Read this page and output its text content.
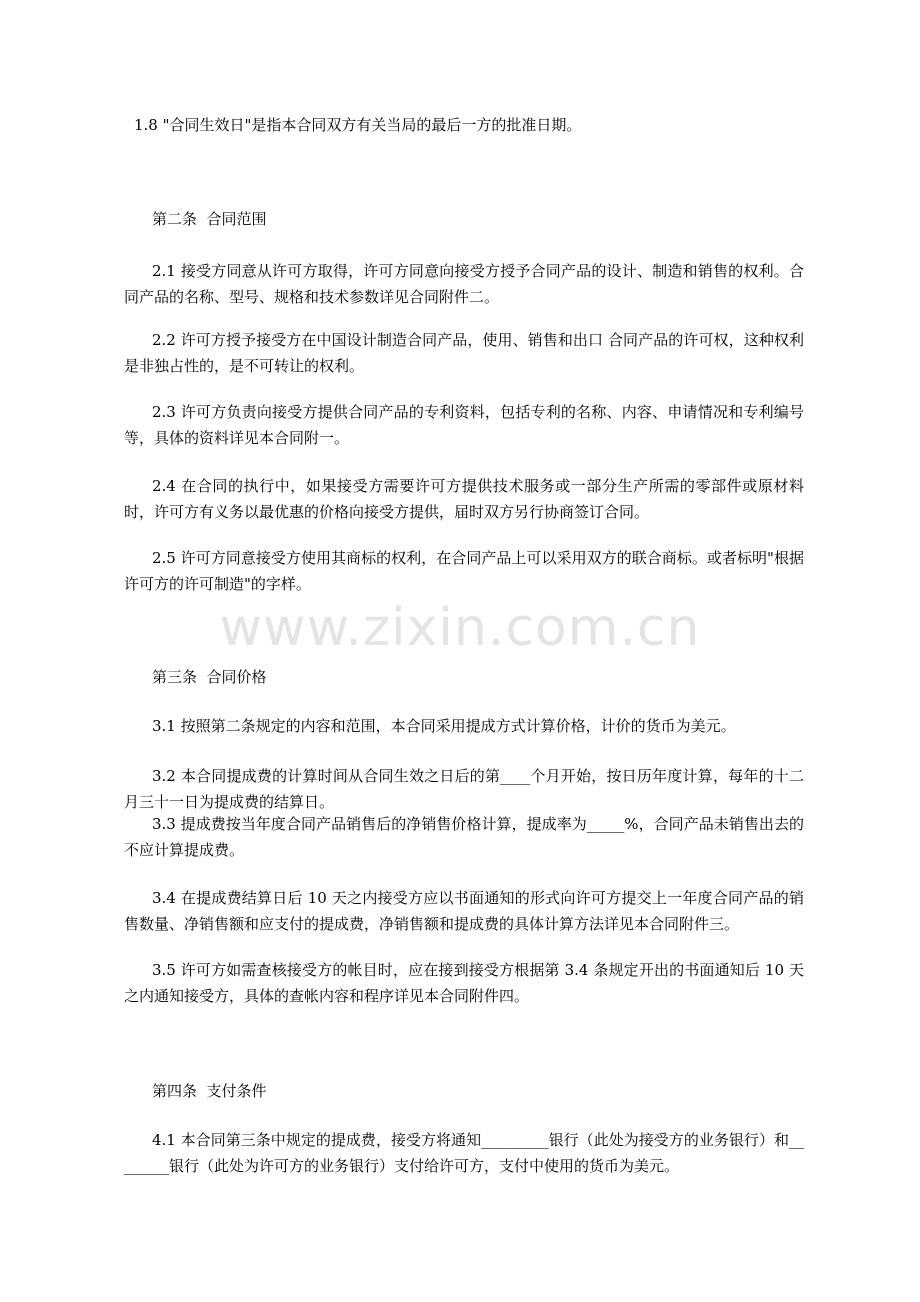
1.8 "合同生效日"是指本合同双方有关当局的最后一方的批准日期。
第二条  合同范围
2.1 接受方同意从许可方取得，许可方同意向接受方授予合同产品的设计、制造和销售的权利。合同产品的名称、型号、规格和技术参数详见合同附件二。
2.2 许可方授予接受方在中国设计制造合同产品，使用、销售和出口 合同产品的许可权，这种权利是非独占性的，是不可转让的权利。
2.3 许可方负责向接受方提供合同产品的专利资料，包括专利的名称、内容、申请情况和专利编号等，具体的资料详见本合同附一。
2.4 在合同的执行中，如果接受方需要许可方提供技术服务或一部分生产所需的零部件或原材料时，许可方有义务以最优惠的价格向接受方提供，届时双方另行协商签订合同。
2.5 许可方同意接受方使用其商标的权利，在合同产品上可以采用双方的联合商标。或者标明"根据许可方的许可制造"的字样。
www.zixin.com.cn
第三条  合同价格
3.1 按照第二条规定的内容和范围，本合同采用提成方式计算价格，计价的货币为美元。
3.2 本合同提成费的计算时间从合同生效之日后的第____个月开始，按日历年度计算，每年的十二月三十一日为提成费的结算日。
3.3 提成费按当年度合同产品销售后的净销售价格计算，提成率为_____%，合同产品未销售出去的不应计算提成费。
3.4 在提成费结算日后 10 天之内接受方应以书面通知的形式向许可方提交上一年度合同产品的销售数量、净销售额和应支付的提成费，净销售额和提成费的具体计算方法详见本合同附件三。
3.5 许可方如需查核接受方的帐目时，应在接到接受方根据第 3.4 条规定开出的书面通知后 10 天之内通知接受方，具体的查帐内容和程序详见本合同附件四。
第四条  支付条件
4.1 本合同第三条中规定的提成费，接受方将通知_________银行（此处为接受方的业务银行）和________银行（此处为许可方的业务银行）支付给许可方，支付中使用的货币为美元。
